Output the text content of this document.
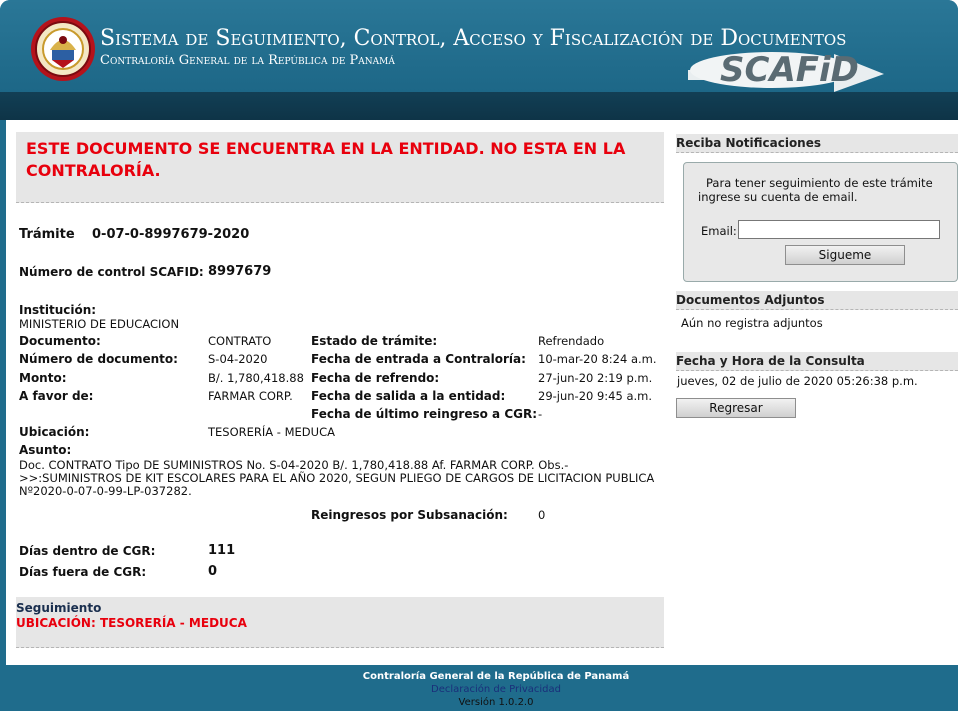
Sistema de Seguimiento, Control, Acceso y Fiscalización de Documentos
Contraloría General de la República de Panamá	SCAFiD
ESTE DOCUMENTO SE ENCUENTRA EN LA ENTIDAD. NO ESTA EN LA CONTRALORÍA.
Trámite 0-07-0-8997679-2020
Número de control SCAFID: 8997679
Institución:
MINISTERIO DE EDUCACION
Documento:	CONTRATO
Número de documento:	S-04-2020
Monto:	B/. 1,780,418.88
A favor de:	FARMAR CORP.
Estado de trámite:	Refrendado
Fecha de entrada a Contraloría: 10-mar-20 8:24 a.m.
Fecha de refrendo:	27-jun-20 2:19 p.m.
Fecha de salida a la entidad:	29-jun-20 9:45 a.m.
Fecha de último reingreso a CGR: -
Ubicación:	TESORERÍA - MEDUCA
Asunto:
Doc. CONTRATO Tipo DE SUMINISTROS No. S-04-2020 B/. 1,780,418.88 Af. FARMAR CORP. Obs.->>:SUMINISTROS DE KIT ESCOLARES PARA EL AÑO 2020, SEGUN PLIEGO DE CARGOS DE LICITACION PUBLICA Nº2020-0-07-0-99-LP-037282.
Reingresos por Subsanación:	0
Días dentro de CGR:	111
Días fuera de CGR:	0
Seguimiento
UBICACIÓN: TESORERÍA - MEDUCA
Reciba Notificaciones
Para tener seguimiento de este trámite
ingrese su cuenta de email.
Email:
Sigueme
Documentos Adjuntos
Aún no registra adjuntos
Fecha y Hora de la Consulta
jueves, 02 de julio de 2020 05:26:38 p.m.
Regresar
Contraloría General de la República de Panamá
Declaración de Privacidad
Versión 1.0.2.0
